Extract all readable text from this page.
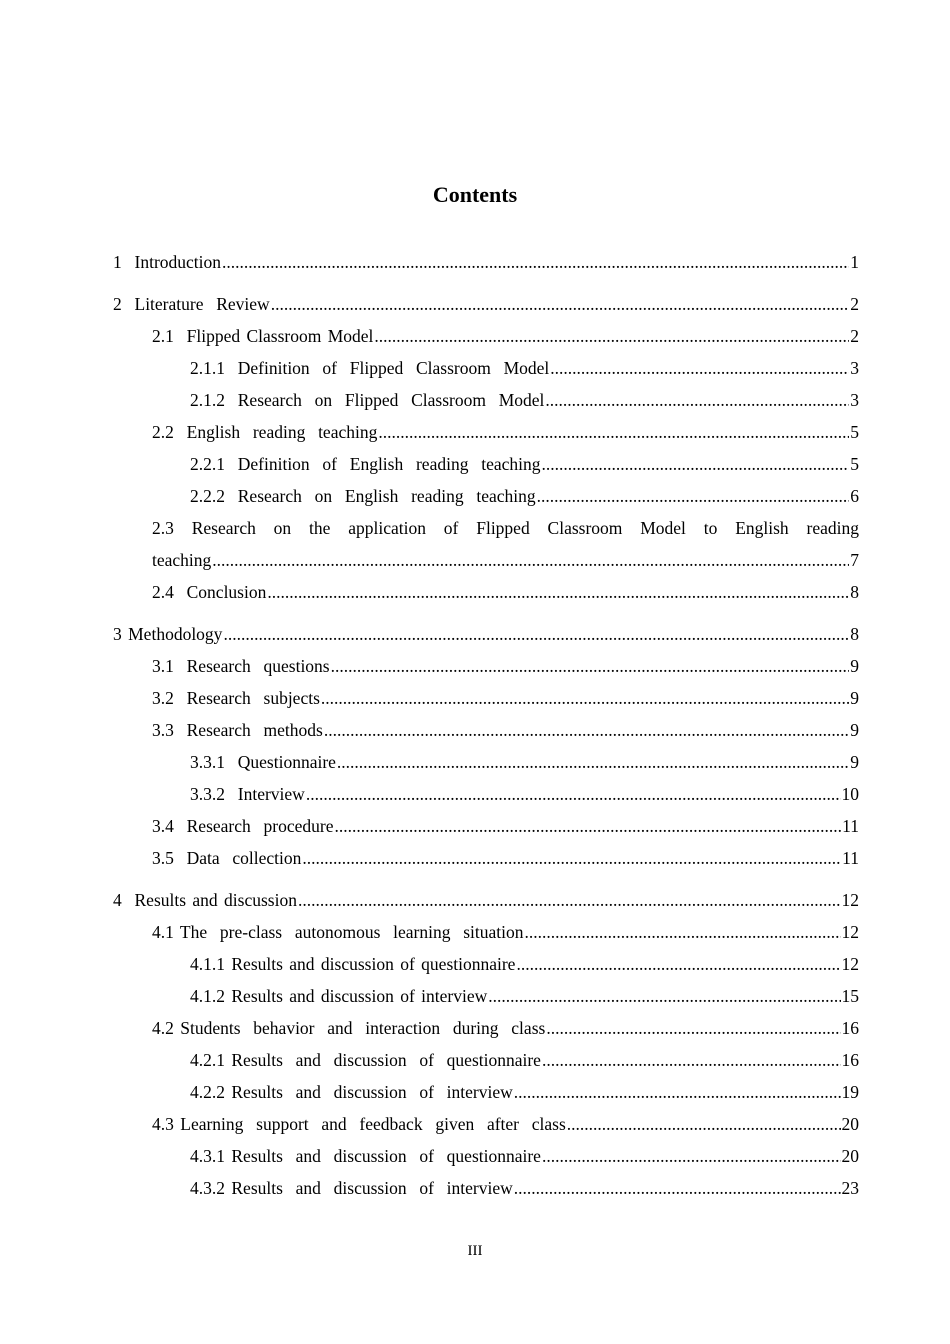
Contents
1  Introduction .....	1
2  Literature  Review .....	2
2.1  Flipped Classroom Model .....	2
2.1.1  Definition  of  Flipped  Classroom  Model .....	3
2.1.2  Research  on  Flipped  Classroom  Model .....	3
2.2  English  reading  teaching .....	5
2.2.1  Definition  of  English  reading  teaching .....	5
2.2.2  Research  on  English  reading  teaching .....	6
2.3 Research on the application of Flipped Classroom Model to English reading
teaching .....	7
2.4  Conclusion .....	8
3 Methodology .....	8
3.1  Research  questions .....	9
3.2  Research  subjects .....	9
3.3  Research  methods .....	9
3.3.1  Questionnaire .....	9
3.3.2  Interview .....	10
3.4  Research  procedure .....	11
3.5  Data  collection .....	11
4  Results and discussion .....	12
4.1 The  pre-class  autonomous  learning  situation .....	12
4.1.1 Results and discussion of questionnaire .....	12
4.1.2 Results and discussion of interview .....	15
4.2 Students  behavior  and  interaction  during  class .....	16
4.2.1 Results  and  discussion  of  questionnaire .....	16
4.2.2 Results  and  discussion  of  interview .....	19
4.3 Learning  support  and  feedback  given  after  class .....	20
4.3.1 Results  and  discussion  of  questionnaire .....	20
4.3.2 Results  and  discussion  of  interview .....	23
III
